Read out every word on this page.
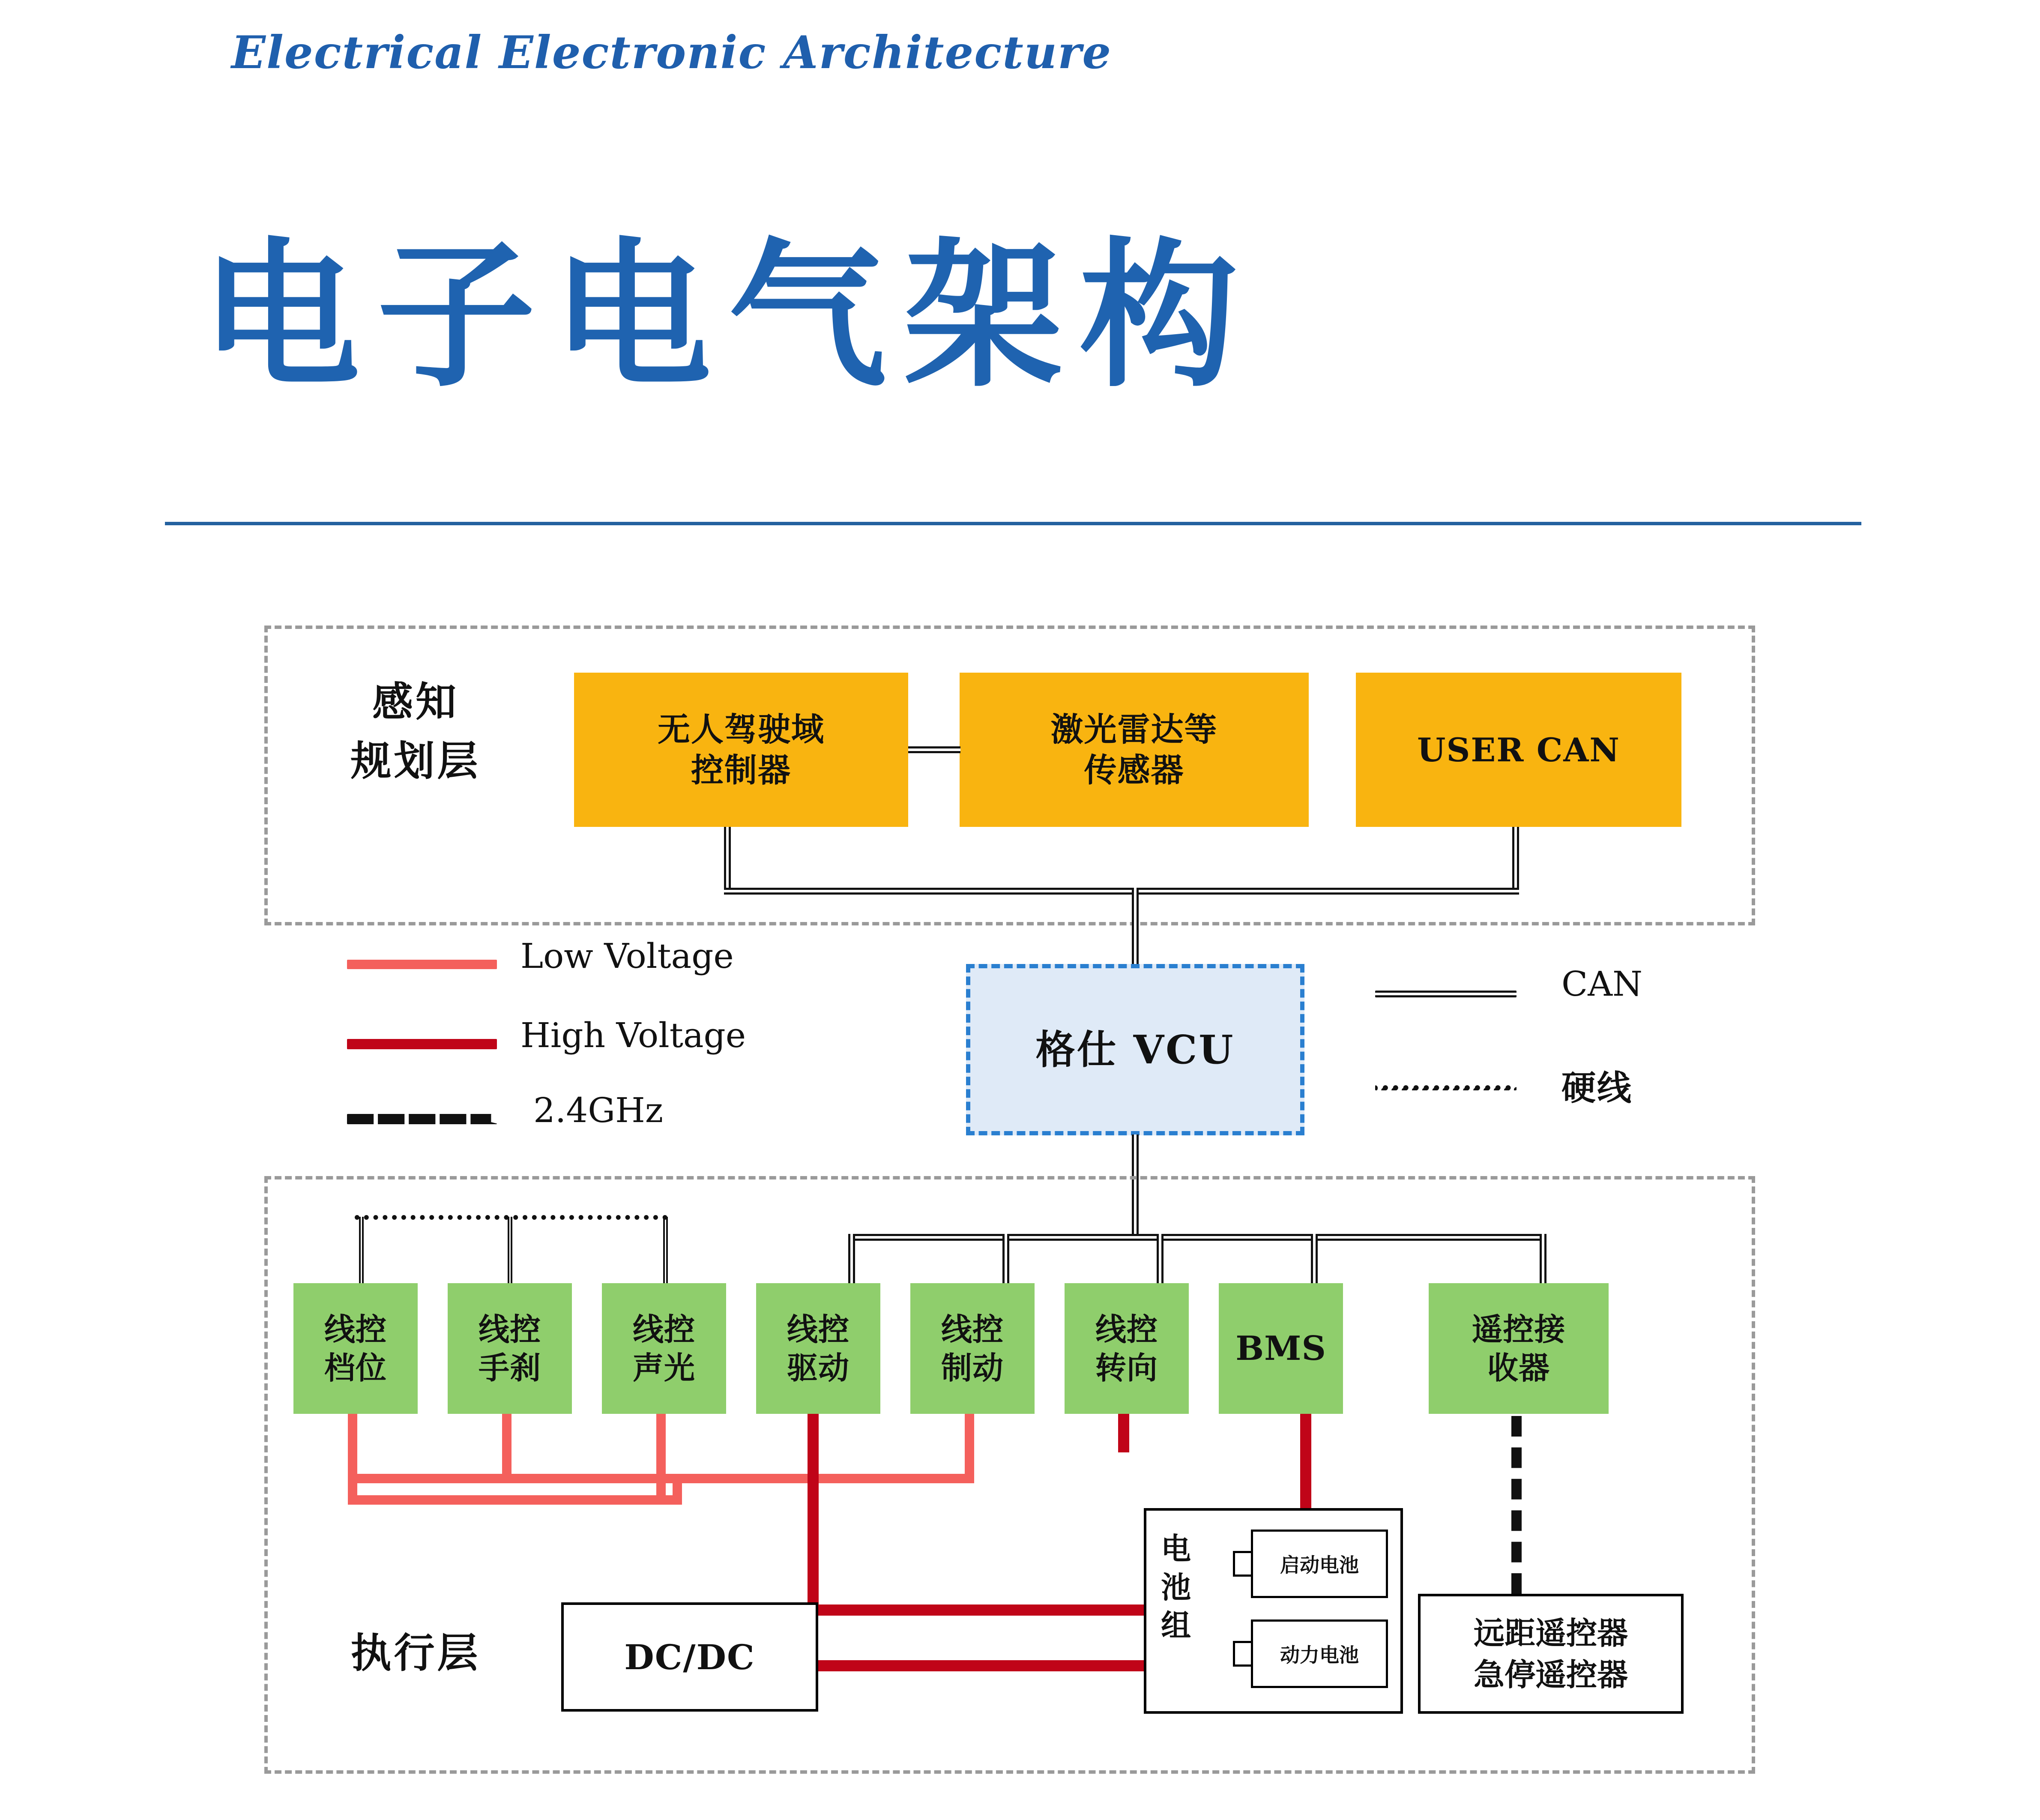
Electrical Electronic Architecture
电子电气架构
感知
规划层
无人驾驶域
控制器
激光雷达等
传感器
USER CAN
格仕 VCU
Low Voltage
High Voltage
2.4GHz
CAN
硬线
执行层
线控
档位
线控
手刹
线控
声光
线控
驱动
线控
制动
线控
转向 BMS	遥控接
收器
DC/DC
电
池
组
启动电池
动力电池
远距遥控器
急停遥控器
